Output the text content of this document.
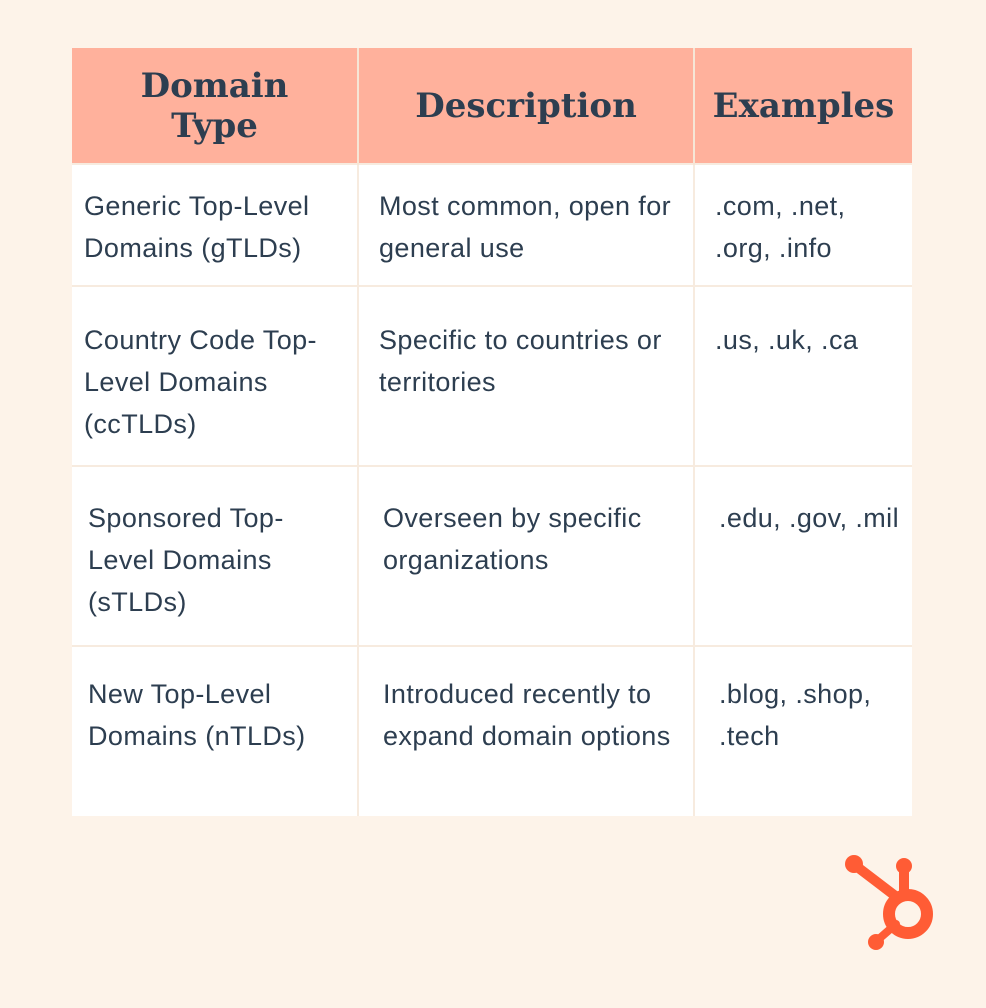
Domain Type	Description	Examples
Generic Top-Level Domains (gTLDs)	Most common, open for general use	.com, .net, .org, .info
Country Code Top-Level Domains (ccTLDs)	Specific to countries or territories	.us, .uk, .ca
Sponsored Top-Level Domains (sTLDs)	Overseen by specific organizations	.edu, .gov, .mil
New Top-Level Domains (nTLDs)	Introduced recently to expand domain options	.blog, .shop, .tech
